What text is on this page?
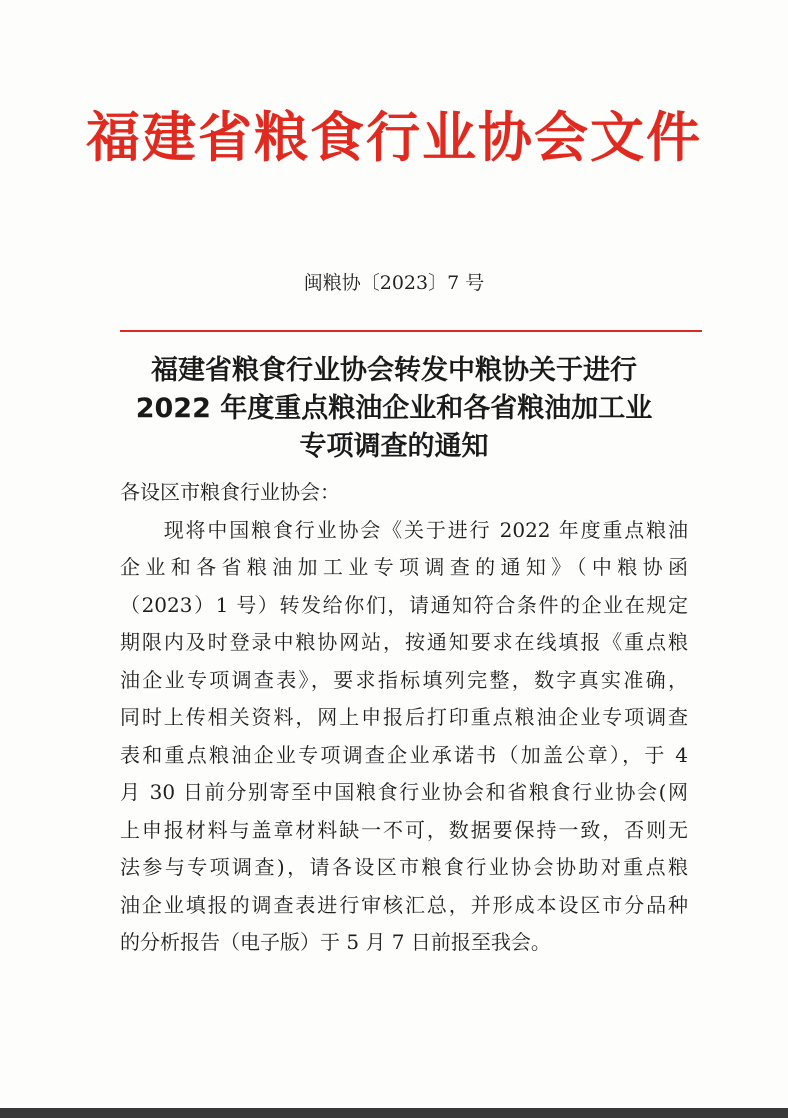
福建省粮食行业协会文件
闽粮协〔2023〕7 号
福建省粮食行业协会转发中粮协关于进行
2022 年度重点粮油企业和各省粮油加工业
专项调查的通知
各设区市粮食行业协会：
　　现将中国粮食行业协会《关于进行 2022 年度重点粮油
企业和各省粮油加工业专项调查的通知》（中粮协函
（2023）1 号）转发给你们，请通知符合条件的企业在规定
期限内及时登录中粮协网站，按通知要求在线填报《重点粮
油企业专项调查表》，要求指标填列完整，数字真实准确，
同时上传相关资料，网上申报后打印重点粮油企业专项调查
表和重点粮油企业专项调查企业承诺书（加盖公章），于 4
月 30 日前分别寄至中国粮食行业协会和省粮食行业协会(网
上申报材料与盖章材料缺一不可，数据要保持一致，否则无
法参与专项调查)，请各设区市粮食行业协会协助对重点粮
油企业填报的调查表进行审核汇总，并形成本设区市分品种
的分析报告（电子版）于 5 月 7 日前报至我会。
